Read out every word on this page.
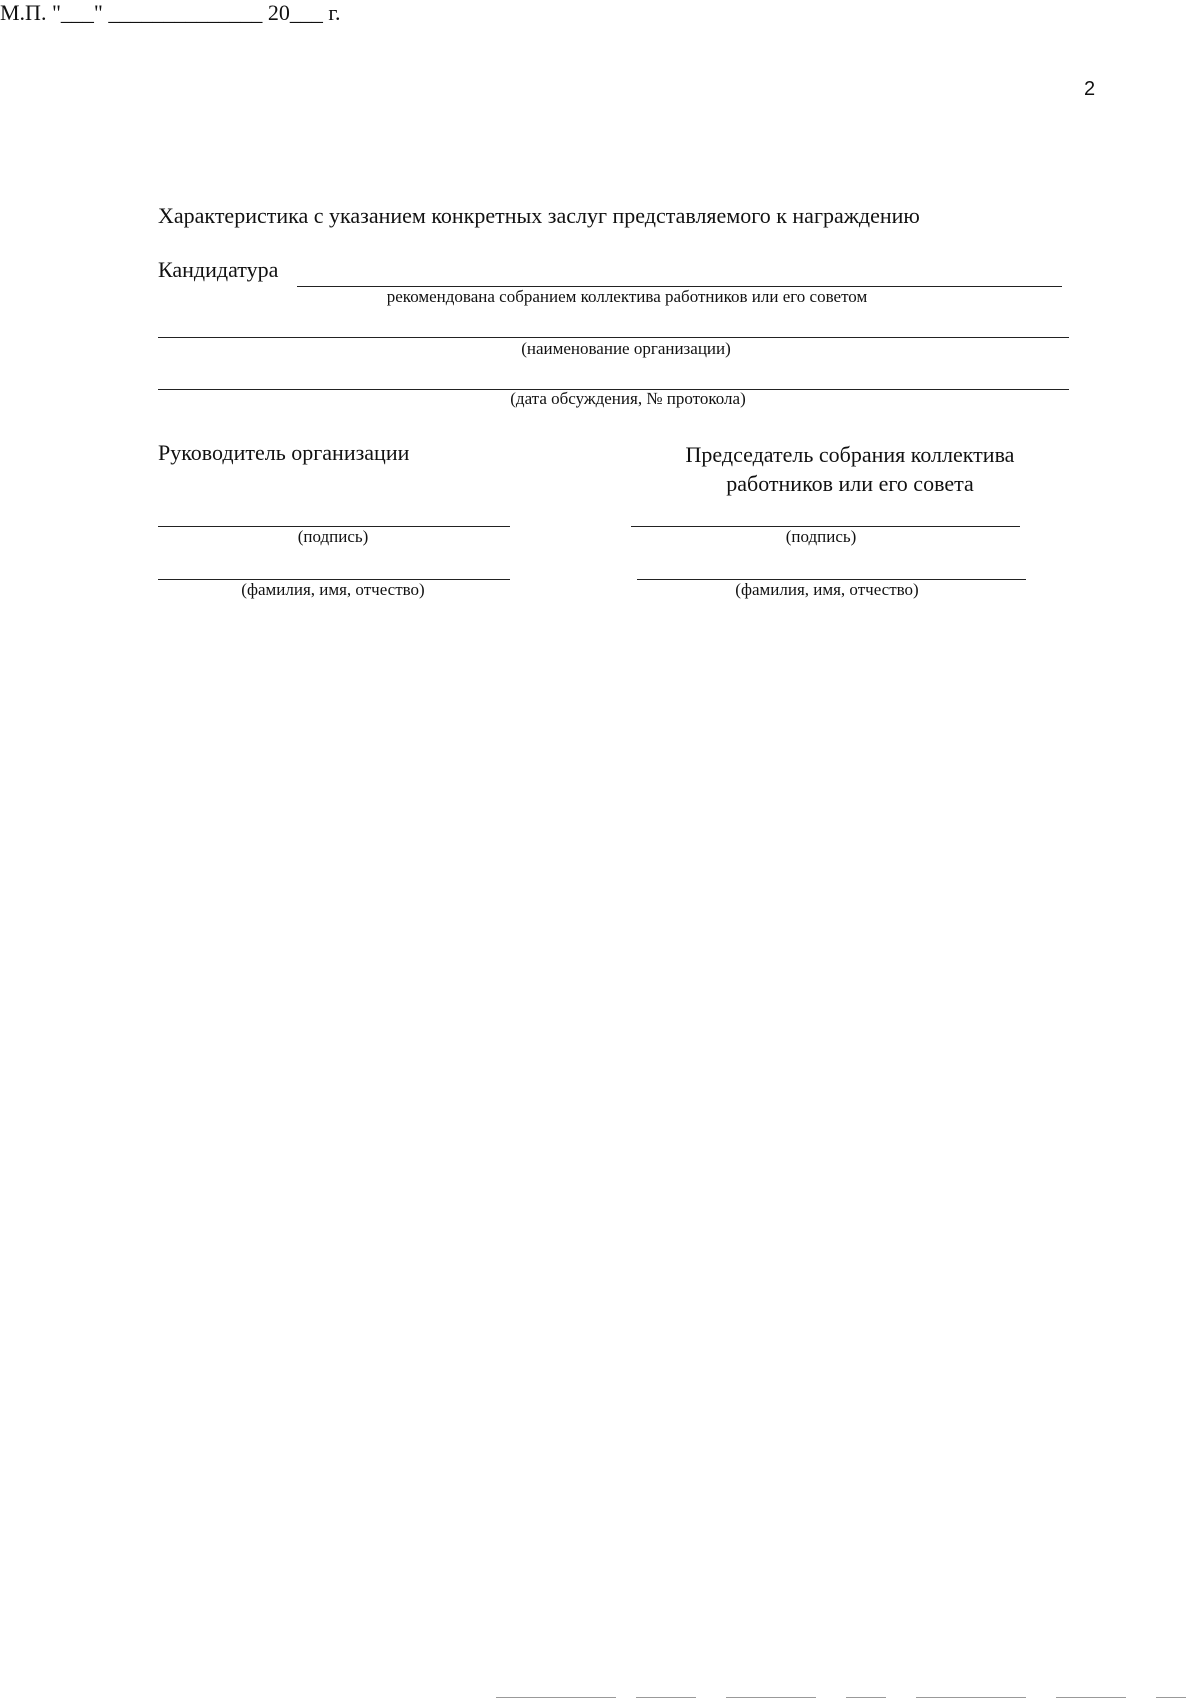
2
Характеристика с указанием конкретных заслуг представляемого к награждению
Кандидатура
рекомендована собранием коллектива работников или его советом
(наименование организации)
(дата обсуждения, № протокола)
Руководитель организации	Председатель собрания коллектива работников или его совета
(подпись)	(подпись)
(фамилия, имя, отчество)	(фамилия, имя, отчество)
М.П. "___" ______________ 20___ г.
